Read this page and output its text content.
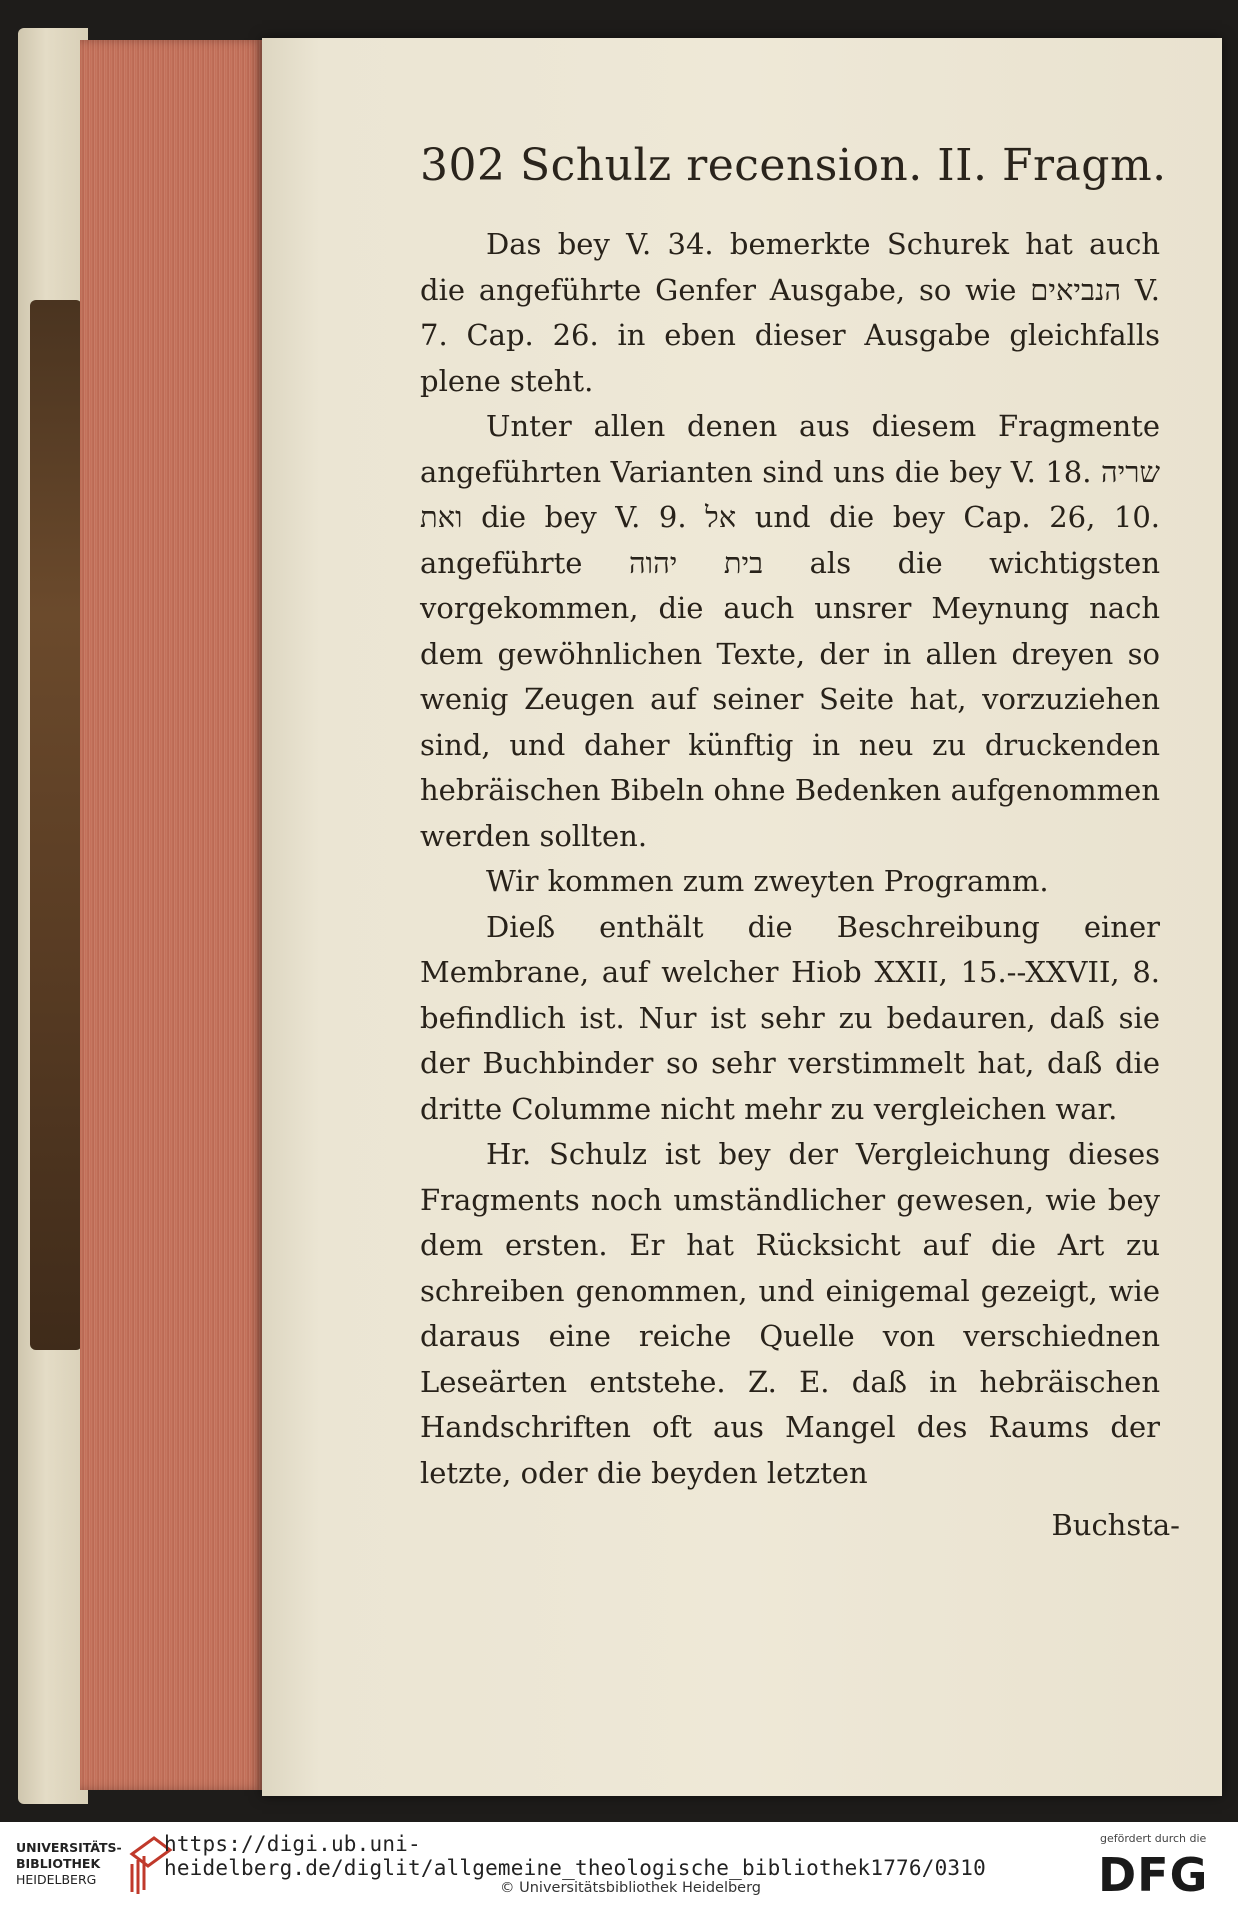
302 Schulz recension. II. Fragm.

Das bey V. 34. bemerkte Schurek hat auch die angeführte Genfer Ausgabe, so wie הנביאים V. 7. Cap. 26. in eben dieser Ausgabe gleichfalls plene steht.

Unter allen denen aus diesem Fragmente angeführten Varianten sind uns die bey V. 18. שריה ואת die bey V. 9. אל und die bey Cap. 26, 10. angeführte בית יהוה als die wichtigsten vorgekommen, die auch unsrer Meynung nach dem gewöhnlichen Texte, der in allen dreyen so wenig Zeugen auf seiner Seite hat, vorzuziehen sind, und daher künftig in neu zu druckenden hebräischen Bibeln ohne Bedenken aufgenommen werden sollten.

Wir kommen zum zweyten Programm.

Dieß enthält die Beschreibung einer Membrane, auf welcher Hiob XXII, 15.--XXVII, 8. befindlich ist. Nur ist sehr zu bedauren, daß sie der Buchbinder so sehr verstimmelt hat, daß die dritte Columme nicht mehr zu vergleichen war.

Hr. Schulz ist bey der Vergleichung dieses Fragments noch umständlicher gewesen, wie bey dem ersten. Er hat Rücksicht auf die Art zu schreiben genommen, und einigemal gezeigt, wie daraus eine reiche Quelle von verschiednen Leseärten entstehe. Z. E. daß in hebräischen Handschriften oft aus Mangel des Raums der letzte, oder die beyden letzten

Buchsta-
UNIVERSITÄTS-
BIBLIOTHEK
HEIDELBERG
https://digi.ub.uni-heidelberg.de/diglit/allgemeine_theologische_bibliothek1776/0310
© Universitätsbibliothek Heidelberg
gefördert durch die
DFG
